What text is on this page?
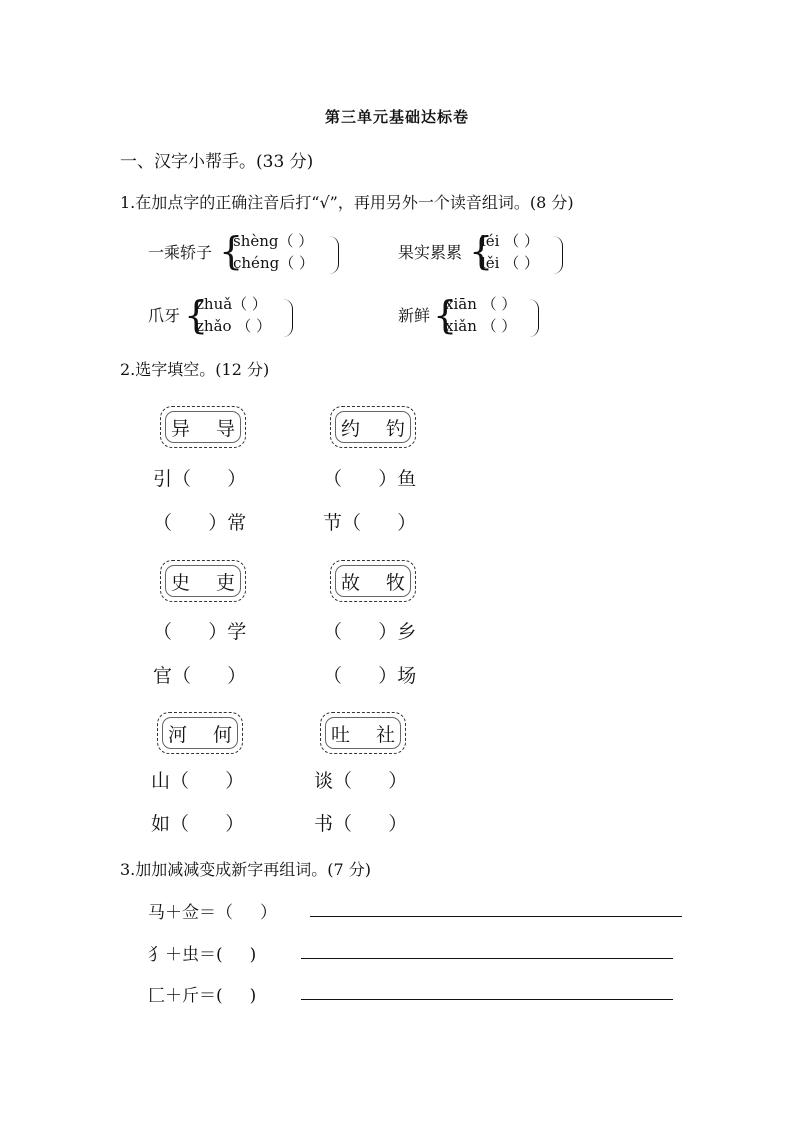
第三单元基础达标卷
一、汉字小帮手。(33 分)
1.在加点字的正确注音后打“√”，再用另外一个读音组词。(8 分)
一乘轿子 {
shèng（ ）
chéng（ ）
果实累累 {
léi （ ）
lěi （ ）
爪牙 {
zhuǎ（ ）
zhǎo （ ）
新鲜 {
xiān （ ）
xiǎn （ ）
2.选字填空。(12 分)
异 导
引（      ）
（      ）常
约 钓
（      ）鱼
节（      ）
史 吏
（      ）学
官（      ）
故 牧
（      ）乡
（      ）场
河 何
山（      ）
如（      ）
吐 社
谈（      ）
书（      ）
3.加加减减变成新字再组词。(7 分)
马＋佥＝（     ）
犭＋虫＝(     )
匚＋斤＝(     )
